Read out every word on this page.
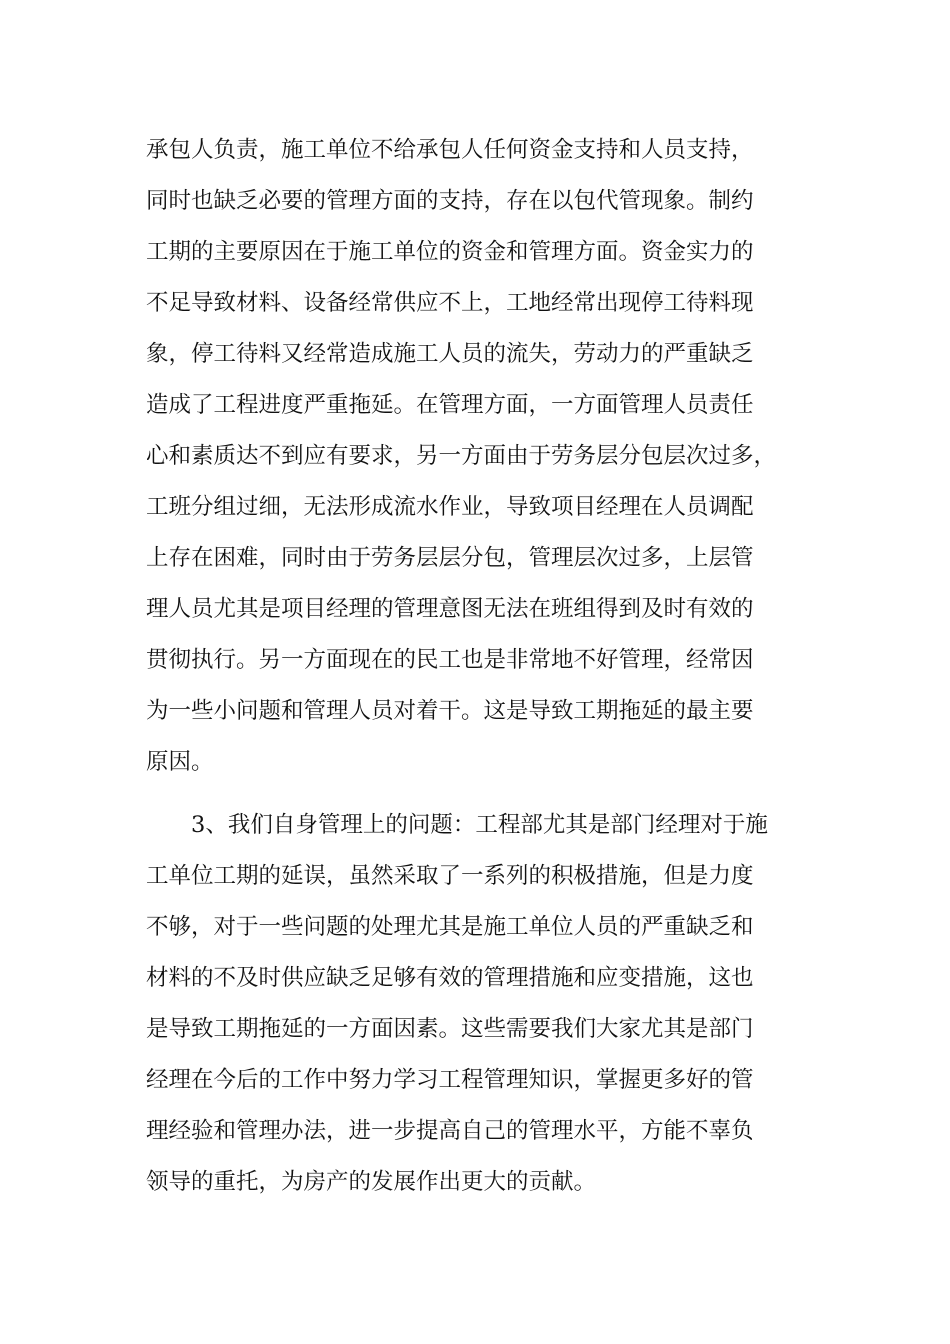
承包人负责，施工单位不给承包人任何资金支持和人员支持，

同时也缺乏必要的管理方面的支持，存在以包代管现象。制约

工期的主要原因在于施工单位的资金和管理方面。资金实力的

不足导致材料、设备经常供应不上，工地经常出现停工待料现

象，停工待料又经常造成施工人员的流失，劳动力的严重缺乏

造成了工程进度严重拖延。在管理方面，一方面管理人员责任

心和素质达不到应有要求，另一方面由于劳务层分包层次过多，

工班分组过细，无法形成流水作业，导致项目经理在人员调配

上存在困难，同时由于劳务层层分包，管理层次过多，上层管

理人员尤其是项目经理的管理意图无法在班组得到及时有效的

贯彻执行。另一方面现在的民工也是非常地不好管理，经常因

为一些小问题和管理人员对着干。这是导致工期拖延的最主要

原因。

3、我们自身管理上的问题：工程部尤其是部门经理对于施

工单位工期的延误，虽然采取了一系列的积极措施，但是力度

不够，对于一些问题的处理尤其是施工单位人员的严重缺乏和

材料的不及时供应缺乏足够有效的管理措施和应变措施，这也

是导致工期拖延的一方面因素。这些需要我们大家尤其是部门

经理在今后的工作中努力学习工程管理知识，掌握更多好的管

理经验和管理办法，进一步提高自己的管理水平，方能不辜负

领导的重托，为房产的发展作出更大的贡献。
